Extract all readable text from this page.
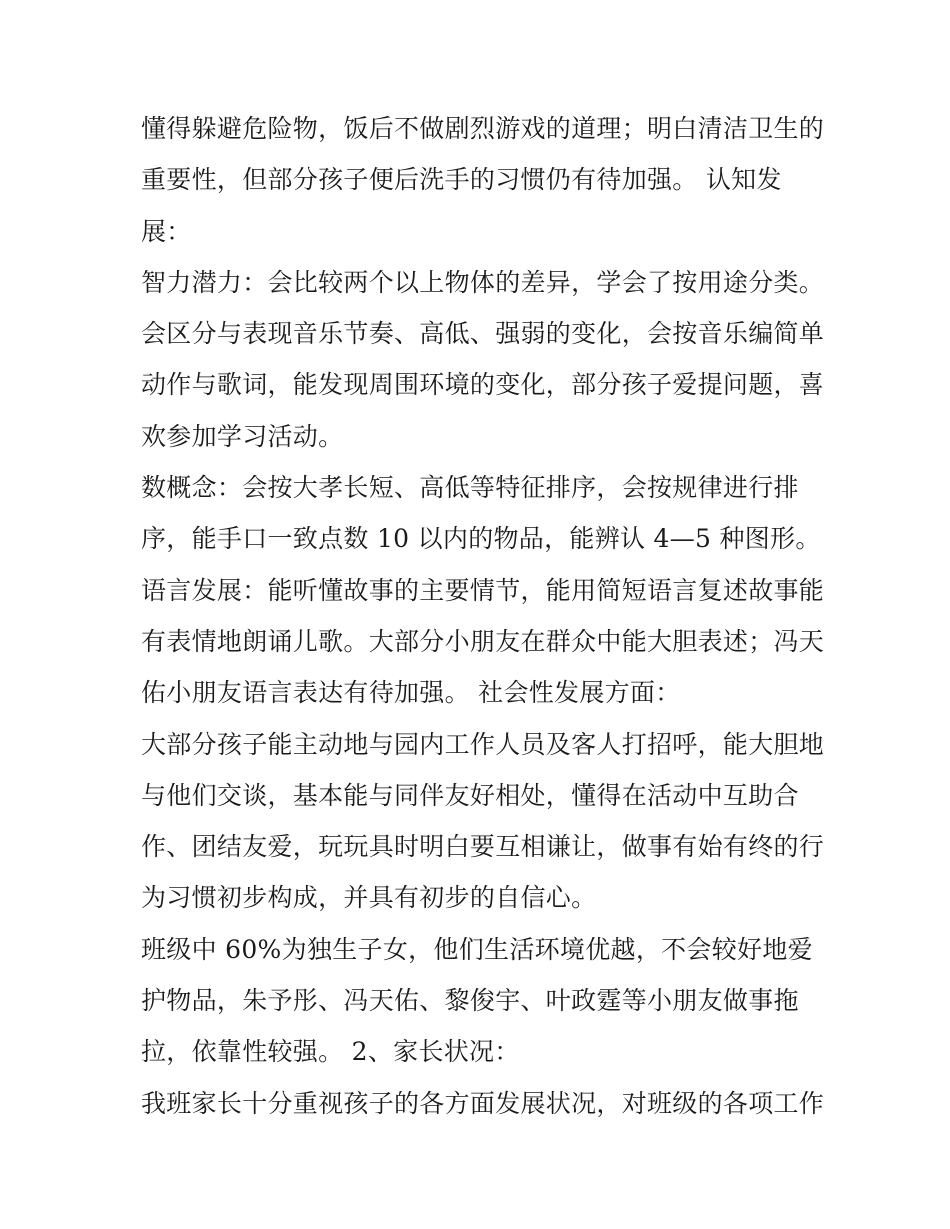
懂得躲避危险物，饭后不做剧烈游戏的道理；明白清洁卫生的
重要性，但部分孩子便后洗手的习惯仍有待加强。 认知发
展：
智力潜力：会比较两个以上物体的差异，学会了按用途分类。
会区分与表现音乐节奏、高低、强弱的变化，会按音乐编简单
动作与歌词，能发现周围环境的变化，部分孩子爱提问题，喜
欢参加学习活动。
数概念：会按大孝长短、高低等特征排序，会按规律进行排
序，能手口一致点数 10 以内的物品，能辨认 4—5 种图形。
语言发展：能听懂故事的主要情节，能用简短语言复述故事能
有表情地朗诵儿歌。大部分小朋友在群众中能大胆表述；冯天
佑小朋友语言表达有待加强。 社会性发展方面：
大部分孩子能主动地与园内工作人员及客人打招呼，能大胆地
与他们交谈，基本能与同伴友好相处，懂得在活动中互助合
作、团结友爱，玩玩具时明白要互相谦让，做事有始有终的行
为习惯初步构成，并具有初步的自信心。
班级中 60%为独生子女，他们生活环境优越，不会较好地爱
护物品，朱予彤、冯天佑、黎俊宇、叶政霆等小朋友做事拖
拉，依靠性较强。 2、家长状况：
我班家长十分重视孩子的各方面发展状况，对班级的各项工作
